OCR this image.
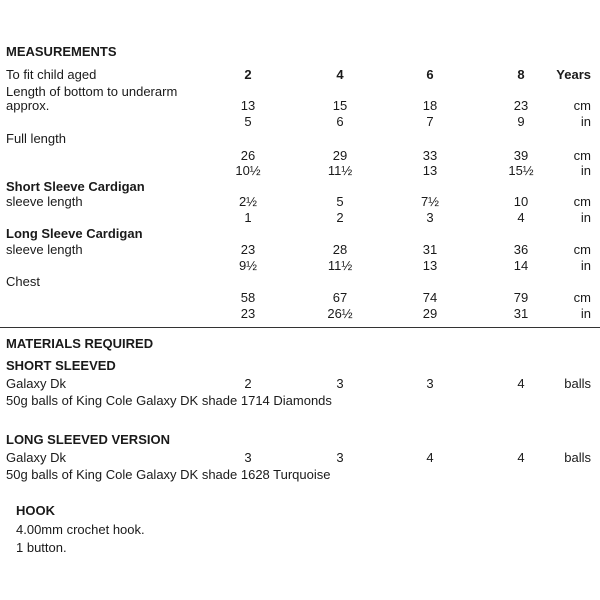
MEASUREMENTS
To fit child aged	2	4	6	8	Years
Length of bottom to underarm
approx.	13	15	18	23	cm
5	6	7	9	in
Full length
26	29	33	39	cm
10½	11½	13	15½	in
Short Sleeve Cardigan
sleeve length	2½	5	7½	10	cm
1	2	3	4	in
Long Sleeve Cardigan
sleeve length	23	28	31	36	cm
9½	11½	13	14	in
Chest
58	67	74	79	cm
23	26½	29	31	in
MATERIALS REQUIRED
SHORT SLEEVED
Galaxy Dk	2	3	3	4	balls
50g balls of King Cole Galaxy DK shade 1714 Diamonds
LONG SLEEVED VERSION
Galaxy Dk	3	3	4	4	balls
50g balls of King Cole Galaxy DK shade 1628 Turquoise
HOOK
4.00mm crochet hook.
1 button.
